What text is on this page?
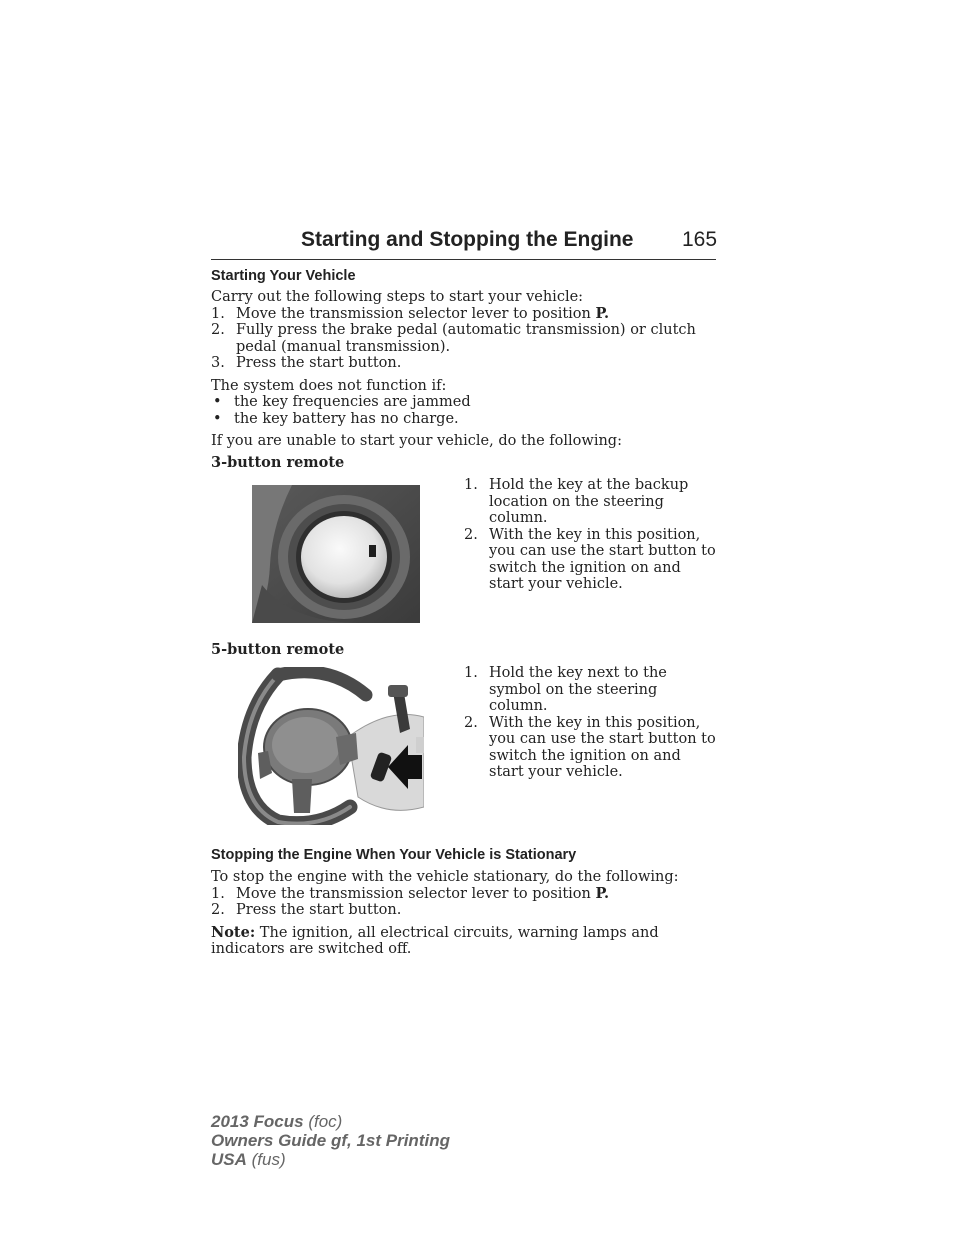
Starting and Stopping the Engine 165
Starting Your Vehicle
Carry out the following steps to start your vehicle:
1. Move the transmission selector lever to position P.
2. Fully press the brake pedal (automatic transmission) or clutch pedal (manual transmission).
3. Press the start button.
The system does not function if:
• the key frequencies are jammed
• the key battery has no charge.
If you are unable to start your vehicle, do the following:
3-button remote
1. Hold the key at the backup location on the steering column.
2. With the key in this position, you can use the start button to switch the ignition on and start your vehicle.
5-button remote
1. Hold the key next to the symbol on the steering column.
2. With the key in this position, you can use the start button to switch the ignition on and start your vehicle.
Stopping the Engine When Your Vehicle is Stationary
To stop the engine with the vehicle stationary, do the following:
1. Move the transmission selector lever to position P.
2. Press the start button.
Note: The ignition, all electrical circuits, warning lamps and indicators are switched off.
2013 Focus (foc)
Owners Guide gf, 1st Printing
USA (fus)
